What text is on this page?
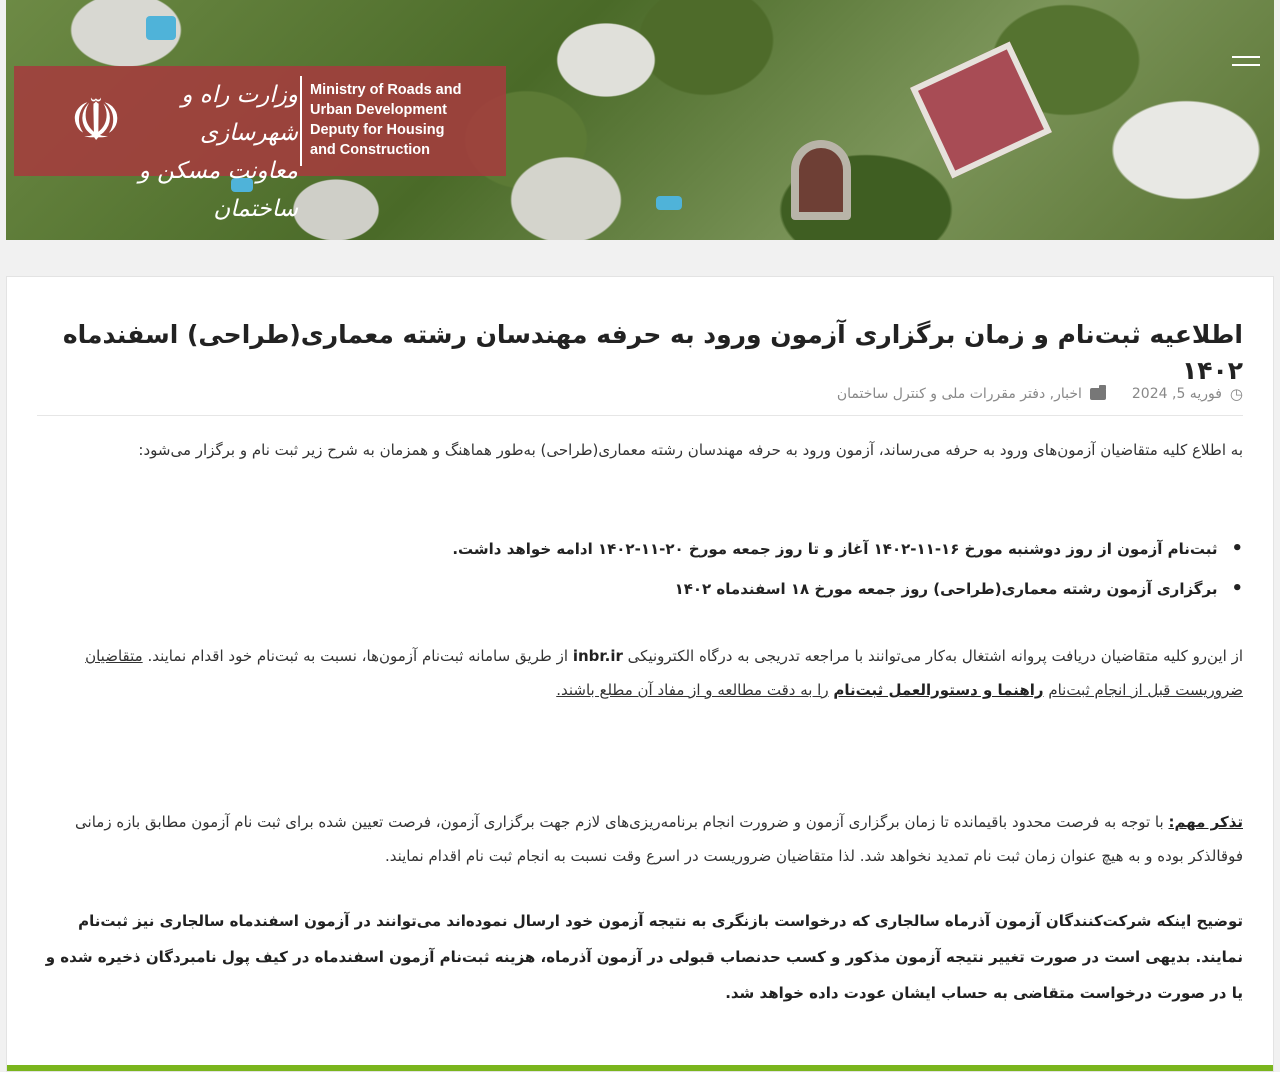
☫	وزارت راه و شهرسازی
معاونت مسکن و ساختمان
Ministry of Roads and
Urban Development
Deputy for Housing
and Construction
اطلاعیه ثبت‌نام و زمان برگزاری آزمون ورود به حرفه مهندسان رشته معماری(طراحی) اسفندماه ۱۴۰۲
◷
فوریه 5, 2024
اخبار, دفتر مقررات ملی و کنترل ساختمان

به اطلاع کلیه متقاضیان آزمون‌های ورود به حرفه می‌رساند، آزمون ورود به حرفه مهندسان رشته معماری(طراحی) به‌طور هماهنگ و همزمان به شرح زیر ثبت نام و برگزار می‌شود:

• ثبت‌نام آزمون از روز دوشنبه مورخ ۱۶-۱۱-۱۴۰۲ آغاز و تا روز جمعه مورخ ۲۰-۱۱-۱۴۰۲ ادامه خواهد داشت.
• برگزاری آزمون رشته معماری(طراحی) روز جمعه مورخ ۱۸ اسفندماه ۱۴۰۲

از این‌رو کلیه متقاضیان دریافت پروانه اشتغال به‌کار می‌توانند با مراجعه تدریجی به درگاه الکترونیکی inbr.ir از طریق سامانه ثبت‌نام آزمون‌ها، نسبت به ثبت‌نام خود اقدام نمایند. متقاضیان ضروریست قبل از انجام ثبت‌نام راهنما و دستورالعمل ثبت‌نام را به دقت مطالعه و از مفاد آن مطلع باشند.

تذکر مهم: با توجه به فرصت محدود باقیمانده تا زمان برگزاری آزمون و ضرورت انجام برنامه‌ریزی‌های لازم جهت برگزاری آزمون، فرصت تعیین شده برای ثبت نام آزمون مطابق بازه زمانی فوقالذکر بوده و به هیچ عنوان زمان ثبت نام تمدید نخواهد شد. لذا متقاضیان ضروریست در اسرع وقت نسبت به انجام ثبت نام اقدام نمایند.

توضیح اینکه شرکت‌کنندگان آزمون آذرماه سالجاری که درخواست بازنگری به نتیجه آزمون خود ارسال نموده‌اند می‌توانند در آزمون اسفندماه سالجاری نیز ثبت‌نام نمایند. بدیهی است در صورت تغییر نتیجه آزمون مذکور و کسب حدنصاب قبولی در آزمون آذرماه، هزینه ثبت‌نام آزمون اسفندماه در کیف پول نامبردگان ذخیره شده و یا در صورت درخواست متقاضی به حساب ایشان عودت داده خواهد شد.
